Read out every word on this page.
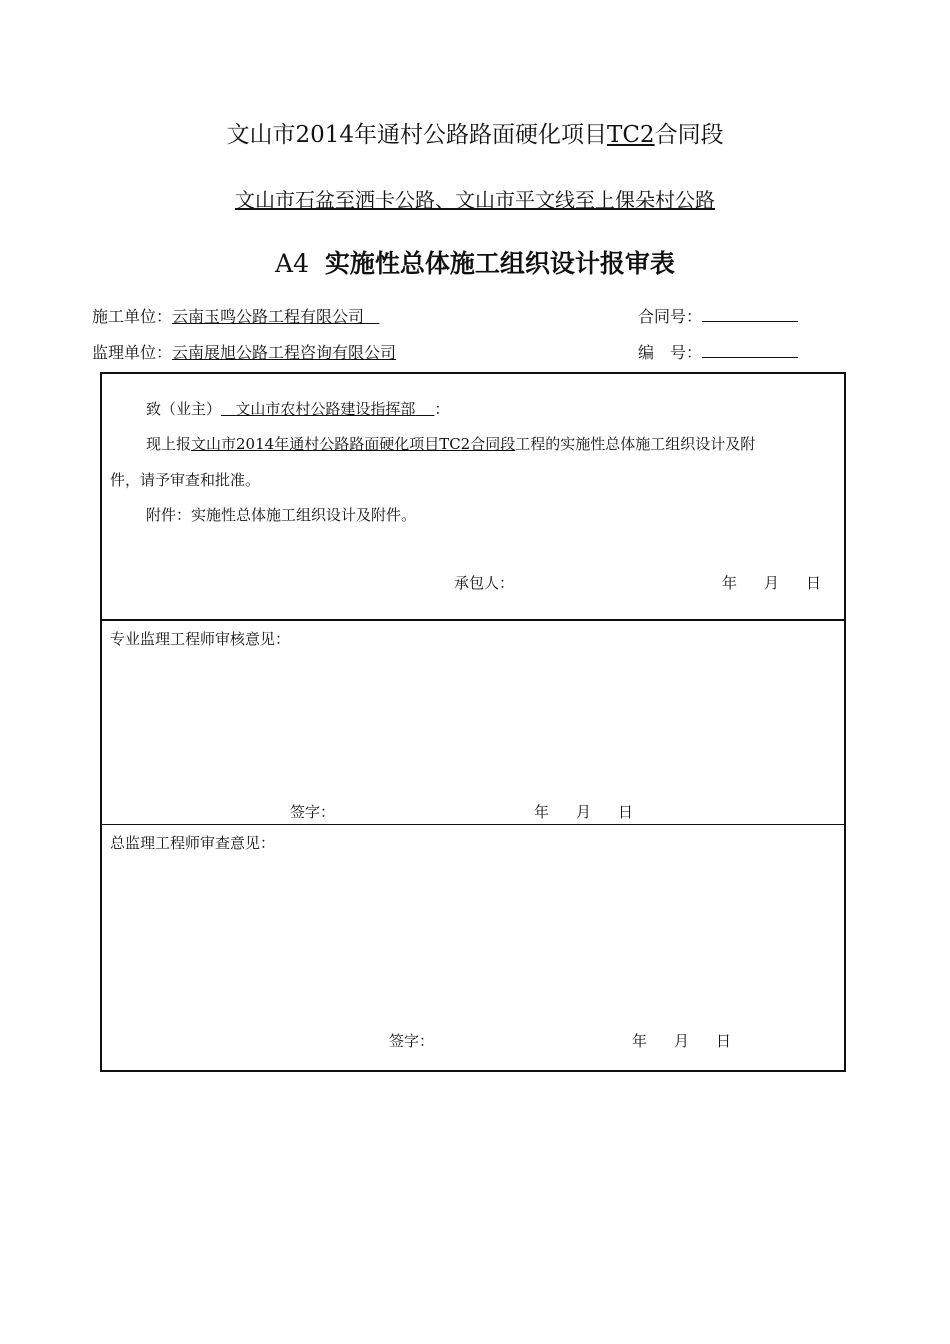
文山市2014年通村公路路面硬化项目TC2合同段
文山市石盆至洒卡公路、文山市平文线至上倮朵村公路
A4 实施性总体施工组织设计报审表
施工单位：云南玉鸣公路工程有限公司	合同号：
监理单位：云南展旭公路工程咨询有限公司	编　号：
致（业主） 文山市农村公路建设指挥部 ：
现上报文山市2014年通村公路路面硬化项目TC2合同段工程的实施性总体施工组织设计及附
件，请予审查和批准。
附件：实施性总体施工组织设计及附件。
承包人：	年 月 日
专业监理工程师审核意见：
签字：	年 月 日
总监理工程师审查意见：
签字：	年 月 日
